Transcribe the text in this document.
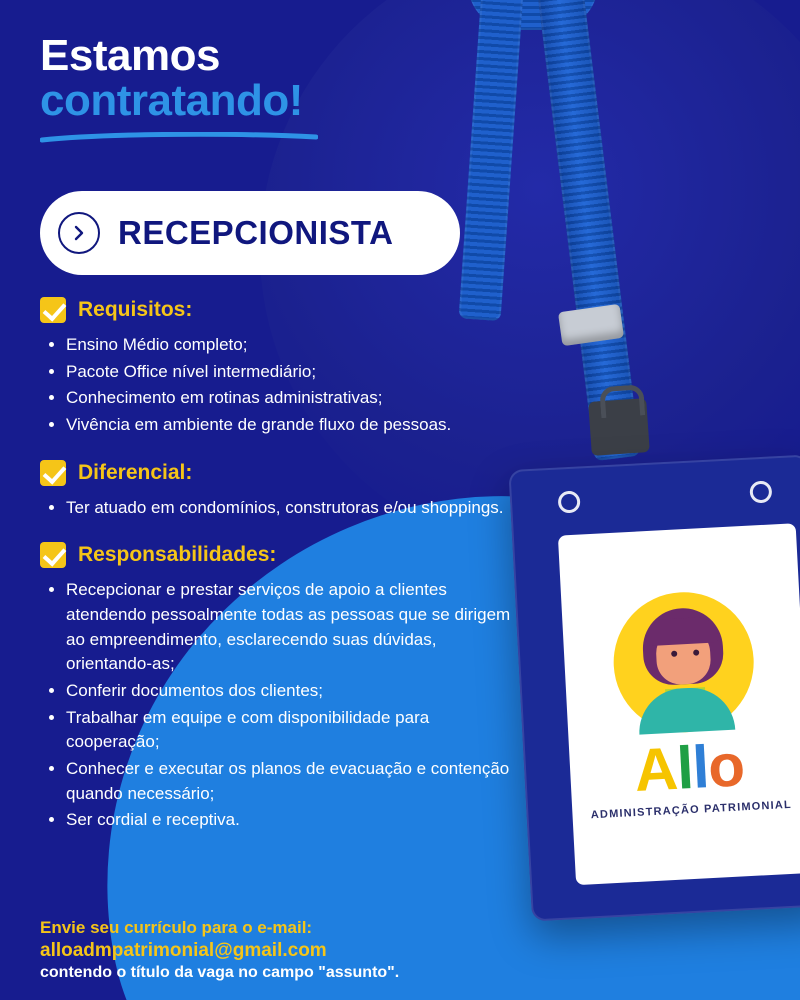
Allo
ADMINISTRAÇÃO PATRIMONIAL
Estamos
contratando!
RECEPCIONISTA
Requisitos:
• Ensino Médio completo;
• Pacote Office nível intermediário;
• Conhecimento em rotinas administrativas;
• Vivência em ambiente de grande fluxo de pessoas.
Diferencial:
• Ter atuado em condomínios, construtoras e/ou shoppings.
Responsabilidades:
• Recepcionar e prestar serviços de apoio a clientes atendendo pessoalmente todas as pessoas que se dirigem ao empreendimento, esclarecendo suas dúvidas, orientando-as;
• Conferir documentos dos clientes;
• Trabalhar em equipe e com disponibilidade para cooperação;
• Conhecer e executar os planos de evacuação e contenção quando necessário;
• Ser cordial e receptiva.
Envie seu currículo para o e-mail:
alloadmpatrimonial@gmail.com
contendo o título da vaga no campo "assunto".
